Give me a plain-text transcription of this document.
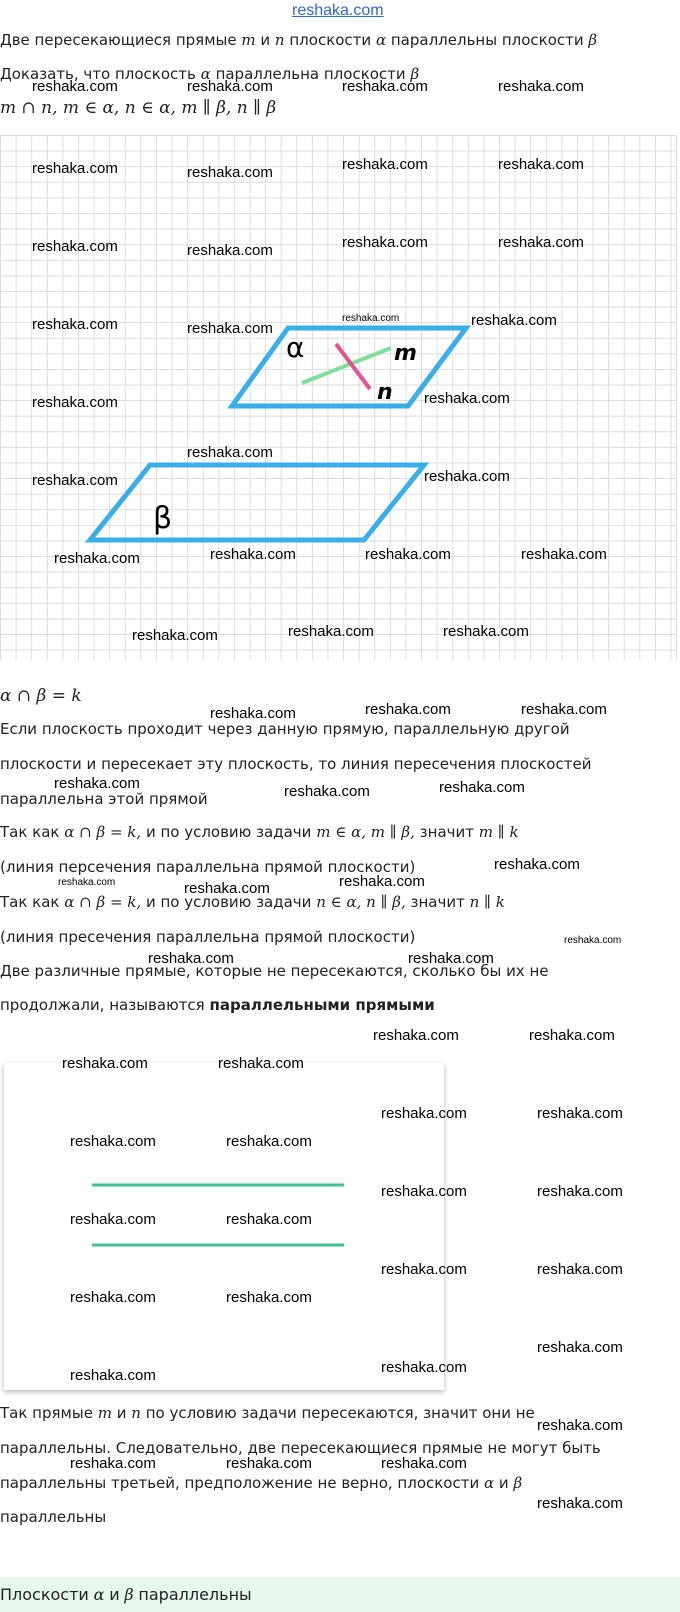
reshaka.com
Две пересекающиеся прямые m и n плоскости α параллельны плоскости β
Доказать, что плоскость α параллельна плоскости β
m ∩ n, m ∈ α, n ∈ α, m ∥ β, n ∥ β
α	m
n
β
α ∩ β = k
Если плоскость проходит через данную прямую, параллельную другой
плоскости и пересекает эту плоскость, то линия пересечения плоскостей
параллельна этой прямой
Так как α ∩ β = k, и по условию задачи m ∈ α, m ∥ β, значит m ∥ k
(линия персечения параллельна прямой плоскости)
Так как α ∩ β = k, и по условию задачи n ∈ α, n ∥ β, значит n ∥ k
(линия пресечения параллельна прямой плоскости)
Две различные прямые, которые не пересекаются, сколько бы их не
продолжали, называются параллельными прямыми
Так прямые m и n по условию задачи пересекаются, значит они не
параллельны. Следовательно, две пересекающиеся прямые не могут быть
параллельны третьей, предположение не верно, плоскости α и β
параллельны
Плоскости α и β параллельны
reshaka.com	reshaka.com	reshaka.com	reshaka.com
reshaka.com	reshaka.com	reshaka.com	reshaka.com
reshaka.com	reshaka.com	reshaka.com	reshaka.com
reshaka.com	reshaka.com
reshaka.com	reshaka.com
reshaka.com	reshaka.com
reshaka.com
reshaka.com	reshaka.com
reshaka.com	reshaka.com	reshaka.com	reshaka.com
reshaka.com	reshaka.com	reshaka.com
reshaka.com	reshaka.com	reshaka.com
reshaka.com	reshaka.com	reshaka.com
reshaka.com
reshaka.com	reshaka.com	reshaka.com
reshaka.com
reshaka.com
reshaka.com
reshaka.com	reshaka.com
reshaka.com	reshaka.com
reshaka.com	reshaka.com
reshaka.com	reshaka.com
reshaka.com	reshaka.com
reshaka.com	reshaka.com
reshaka.com	reshaka.com
reshaka.com	reshaka.com
reshaka.com
reshaka.com
reshaka.com
reshaka.com
reshaka.com	reshaka.com	reshaka.com
reshaka.com
